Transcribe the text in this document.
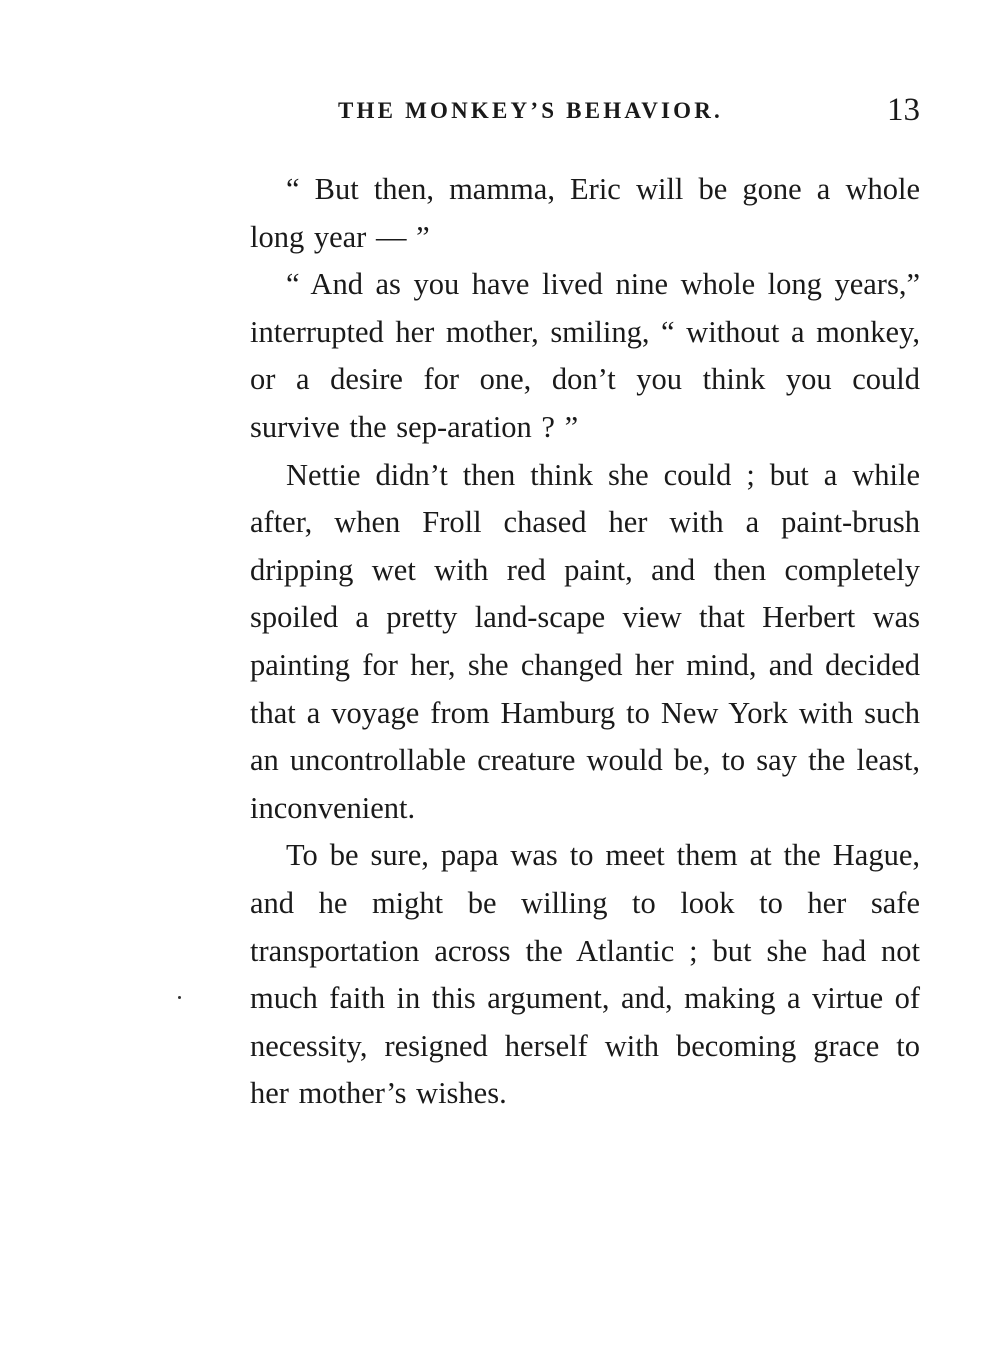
THE MONKEY’S BEHAVIOR.	13

“ But then, mamma, Eric will be gone a whole long year — ”

“ And as you have lived nine whole long years,” interrupted her mother, smiling, “ without a monkey, or a desire for one, don’t you think you could survive the sep-aration ? ”

Nettie didn’t then think she could ; but a while after, when Froll chased her with a paint-brush dripping wet with red paint, and then completely spoiled a pretty land-scape view that Herbert was painting for her, she changed her mind, and decided that a voyage from Hamburg to New York with such an uncontrollable creature would be, to say the least, inconvenient.

To be sure, papa was to meet them at the Hague, and he might be willing to look to her safe transportation across the Atlantic ; but she had not much faith in this argument, and, making a virtue of necessity, resigned herself with becoming grace to her mother’s wishes.
